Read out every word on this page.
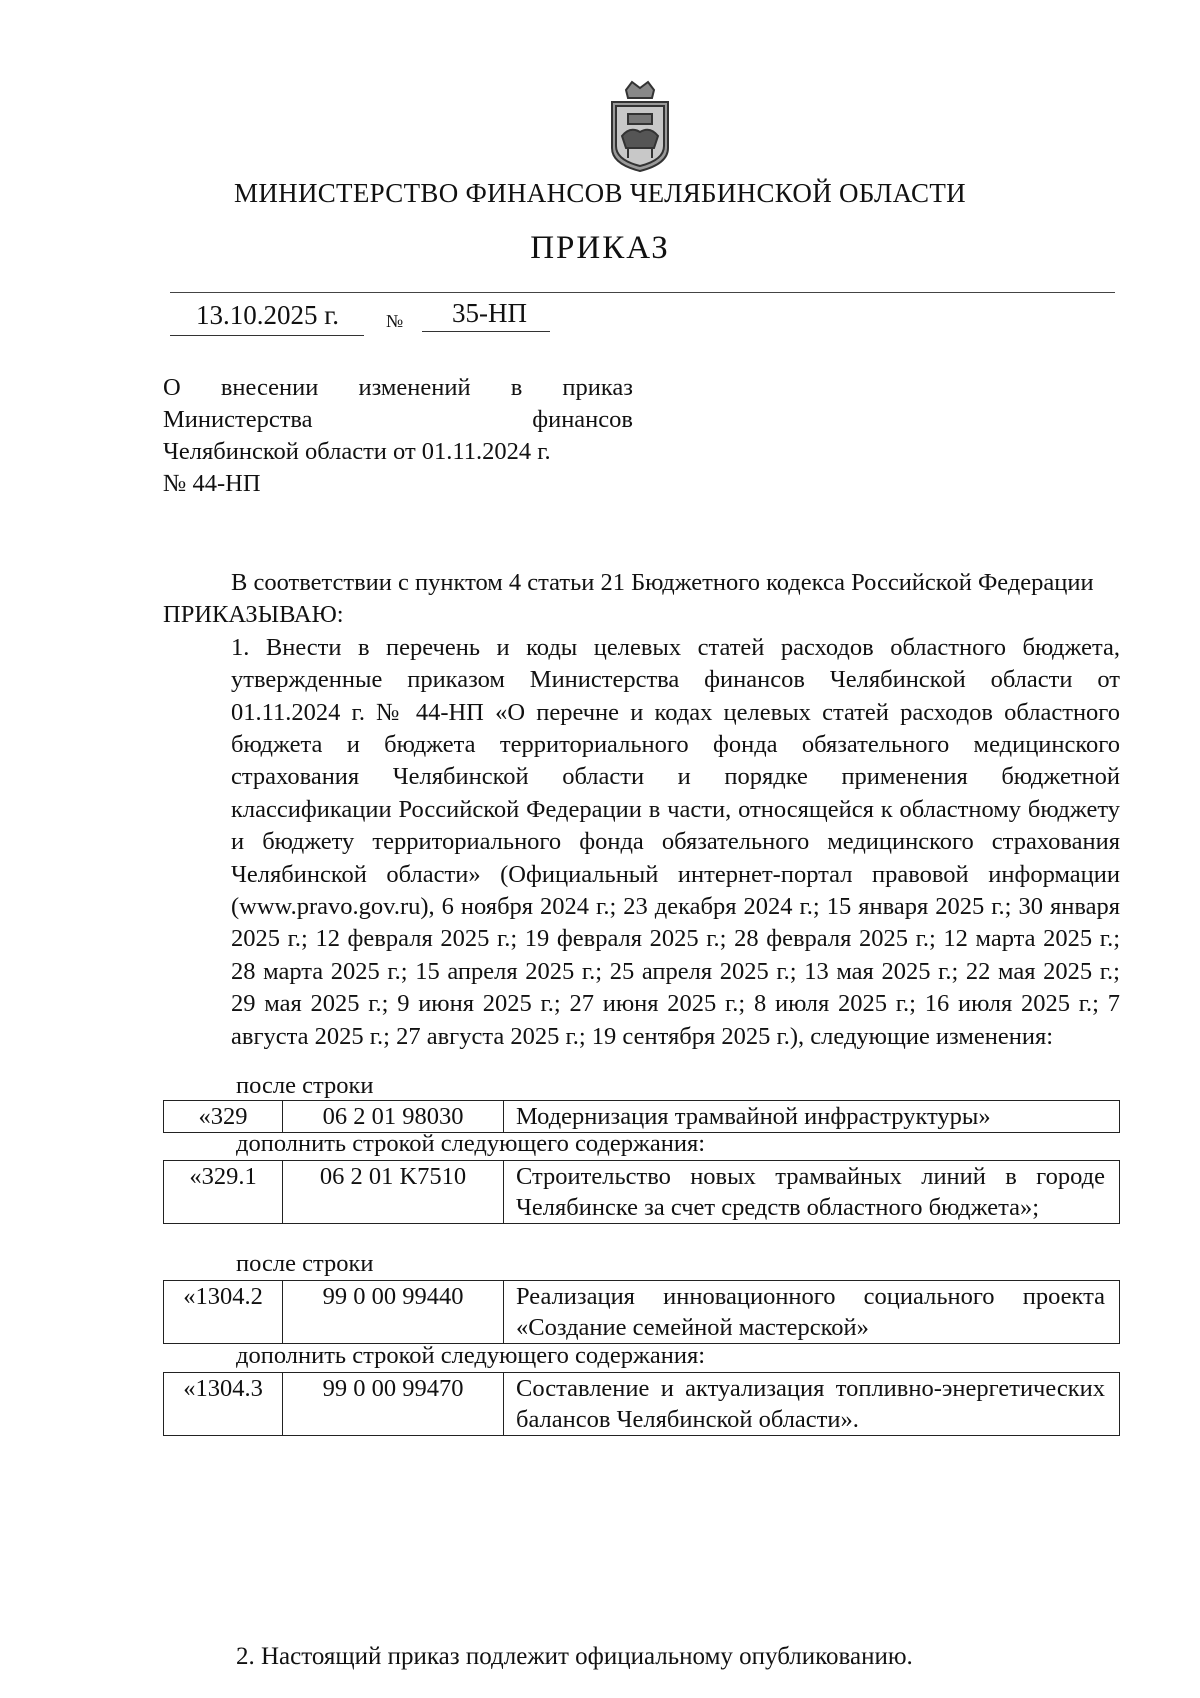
МИНИСТЕРСТВО ФИНАНСОВ ЧЕЛЯБИНСКОЙ ОБЛАСТИ
ПРИКАЗ
13.10.2025 г.	№ 35-НП
О внесении изменений в приказ
Министерства финансов
Челябинской области от 01.11.2024 г.
№ 44-НП

В соответствии с пунктом 4 статьи 21 Бюджетного кодекса Российской Федерации

ПРИКАЗЫВАЮ:

1. Внести в перечень и коды целевых статей расходов областного бюджета, утвержденные приказом Министерства финансов Челябинской области от 01.11.2024 г. № 44-НП «О перечне и кодах целевых статей расходов областного бюджета и бюджета территориального фонда обязательного медицинского страхования Челябинской области и порядке применения бюджетной классификации Российской Федерации в части, относящейся к областному бюджету и бюджету территориального фонда обязательного медицинского страхования Челябинской области» (Официальный интернет-портал правовой информации (www.pravo.gov.ru), 6 ноября 2024 г.; 23 декабря 2024 г.; 15 января 2025 г.; 30 января 2025 г.; 12 февраля 2025 г.; 19 февраля 2025 г.; 28 февраля 2025 г.; 12 марта 2025 г.; 28 марта 2025 г.; 15 апреля 2025 г.; 25 апреля 2025 г.; 13 мая 2025 г.; 22 мая 2025 г.; 29 мая 2025 г.; 9 июня 2025 г.; 27 июня 2025 г.; 8 июля 2025 г.; 16 июля 2025 г.; 7 августа 2025 г.; 27 августа 2025 г.; 19 сентября 2025 г.), следующие изменения:

после строки
«329	06 2 01 98030	Модернизация трамвайной инфраструктуры»
дополнить строкой следующего содержания:
«329.1	06 2 01 K7510	Строительство новых трамвайных линий в городе Челябинске за счет средств областного бюджета»;
после строки
«1304.2	99 0 00 99440	Реализация инновационного социального проекта «Создание семейной мастерской»
дополнить строкой следующего содержания:
«1304.3	99 0 00 99470	Составление и актуализация топливно-энергетических балансов Челябинской области».
2. Настоящий приказ подлежит официальному опубликованию.
